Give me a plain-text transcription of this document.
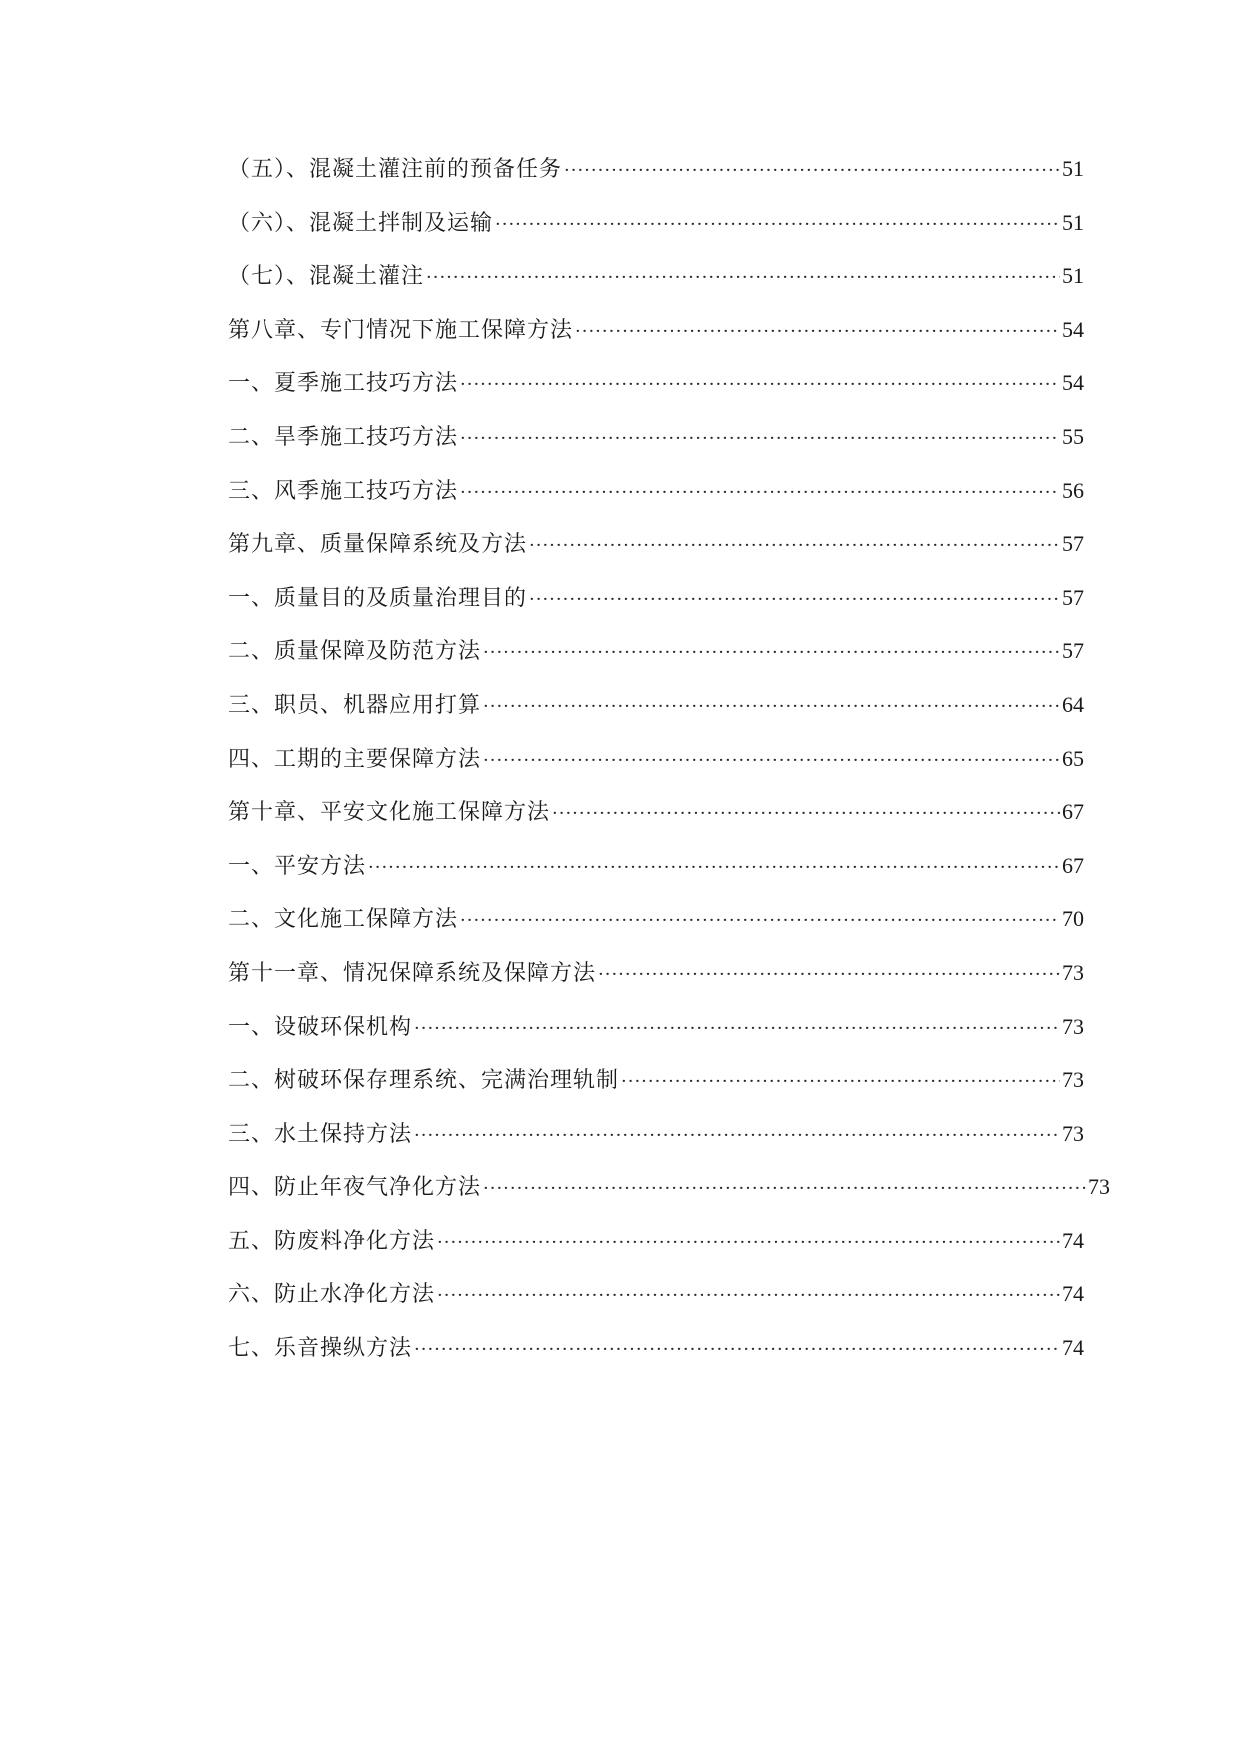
（五）、混凝土灌注前的预备任务 ·····	51
（六）、混凝土拌制及运输 ·····	51
（七）、混凝土灌注 ·····	51
第八章、专门情况下施工保障方法 ·····	54
一、夏季施工技巧方法 ·····	54
二、旱季施工技巧方法 ·····	55
三、风季施工技巧方法 ·····	56
第九章、质量保障系统及方法 ·····	57
一、质量目的及质量治理目的 ·····	57
二、质量保障及防范方法 ·····	57
三、职员、机器应用打算 ·····	64
四、工期的主要保障方法 ·····	65
第十章、平安文化施工保障方法 ·····	67
一、平安方法 ·····	67
二、文化施工保障方法 ·····	70
第十一章、情况保障系统及保障方法 ·····	73
一、设破环保机构 ·····	73
二、树破环保存理系统、完满治理轨制 ·····	73
三、水土保持方法 ·····	73
四、防止年夜气净化方法 ·····	73
五、防废料净化方法 ·····	74
六、防止水净化方法 ·····	74
七、乐音操纵方法 ·····	74
